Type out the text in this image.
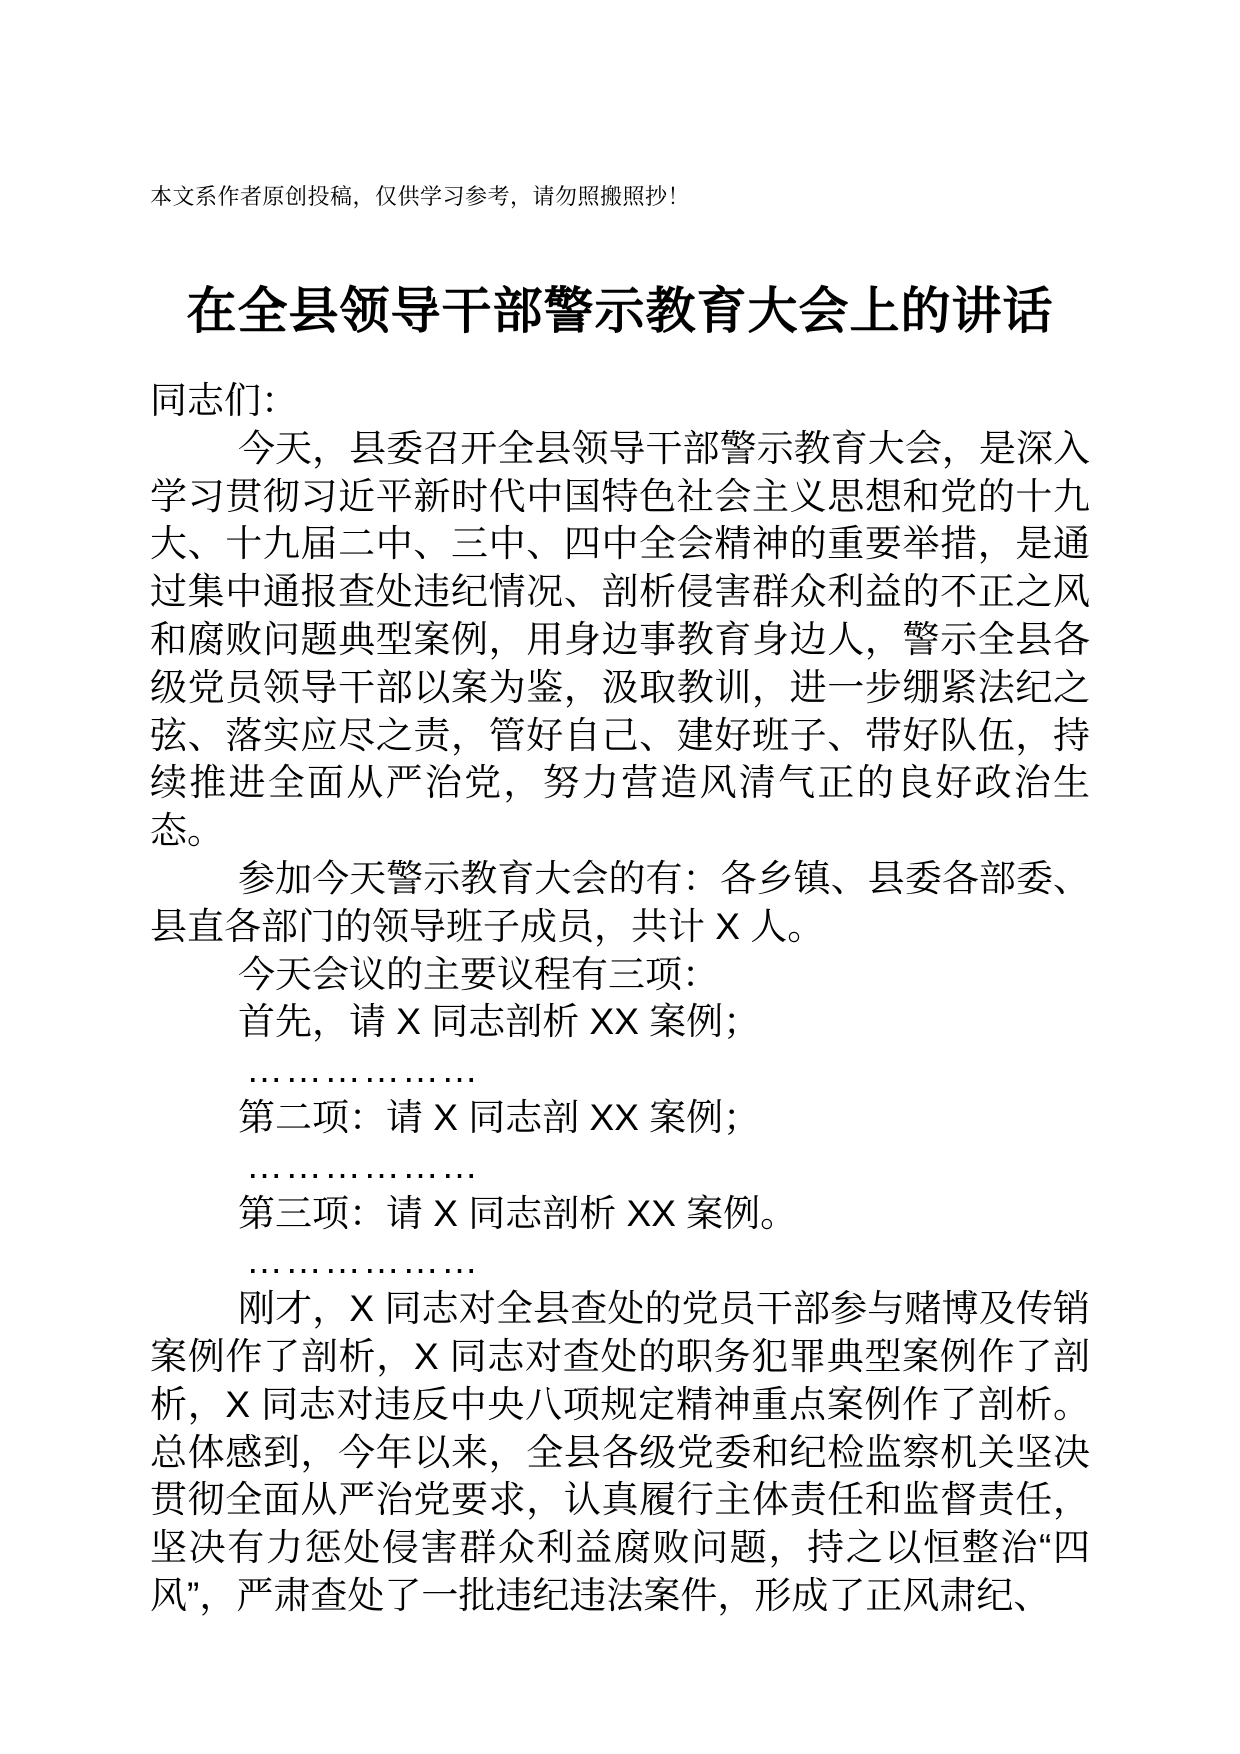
本文系作者原创投稿，仅供学习参考，请勿照搬照抄！
在全县领导干部警示教育大会上的讲话

同志们：

今天，县委召开全县领导干部警示教育大会，是深入学习贯彻习近平新时代中国特色社会主义思想和党的十九大、十九届二中、三中、四中全会精神的重要举措，是通过集中通报查处违纪情况、剖析侵害群众利益的不正之风和腐败问题典型案例，用身边事教育身边人，警示全县各级党员领导干部以案为鉴，汲取教训，进一步绷紧法纪之弦、落实应尽之责，管好自己、建好班子、带好队伍，持续推进全面从严治党，努力营造风清气正的良好政治生态。

参加今天警示教育大会的有：各乡镇、县委各部委、县直各部门的领导班子成员，共计 X 人。

今天会议的主要议程有三项：

首先，请 X 同志剖析 XX 案例；

………………

第二项：请 X 同志剖 XX 案例；

………………

第三项：请 X 同志剖析 XX 案例。

………………

刚才，X 同志对全县查处的党员干部参与赌博及传销案例作了剖析，X 同志对查处的职务犯罪典型案例作了剖析，X 同志对违反中央八项规定精神重点案例作了剖析。总体感到，今年以来，全县各级党委和纪检监察机关坚决贯彻全面从严治党要求，认真履行主体责任和监督责任，坚决有力惩处侵害群众利益腐败问题，持之以恒整治“四风”，严肃查处了一批违纪违法案件，形成了正风肃纪、
